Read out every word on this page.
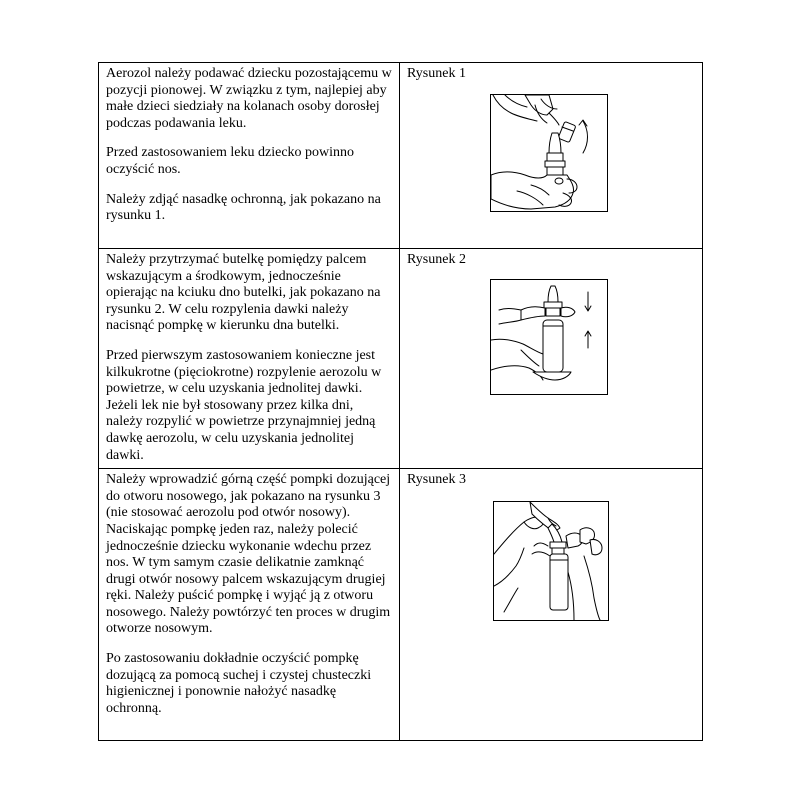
Aerozol należy podawać dziecku pozostającemu w pozycji pionowej. W związku z tym, najlepiej aby małe dzieci siedziały na kolanach osoby dorosłej podczas podawania leku.

Przed zastosowaniem leku dziecko powinno oczyścić nos.

Należy zdjąć nasadkę ochronną, jak pokazano na rysunku 1.	Rysunek 1

Należy przytrzymać butelkę pomiędzy palcem wskazującym a środkowym, jednocześnie opierając na kciuku dno butelki, jak pokazano na rysunku 2. W celu rozpylenia dawki należy nacisnąć pompkę w kierunku dna butelki.

Przed pierwszym zastosowaniem konieczne jest kilkukrotne (pięciokrotne) rozpylenie aerozolu w powietrze, w celu uzyskania jednolitej dawki. Jeżeli lek nie był stosowany przez kilka dni, należy rozpylić w powietrze przynajmniej jedną dawkę aerozolu, w celu uzyskania jednolitej dawki.	Rysunek 2

Należy wprowadzić górną część pompki dozującej do otworu nosowego, jak pokazano na rysunku 3 (nie stosować aerozolu pod otwór nosowy). Naciskając pompkę jeden raz, należy polecić jednocześnie dziecku wykonanie wdechu przez nos. W tym samym czasie delikatnie zamknąć drugi otwór nosowy palcem wskazującym drugiej ręki. Należy puścić pompkę i wyjąć ją z otworu nosowego. Należy powtórzyć ten proces w drugim otworze nosowym.

Po zastosowaniu dokładnie oczyścić pompkę dozującą za pomocą suchej i czystej chusteczki higienicznej i ponownie nałożyć nasadkę ochronną.	Rysunek 3
